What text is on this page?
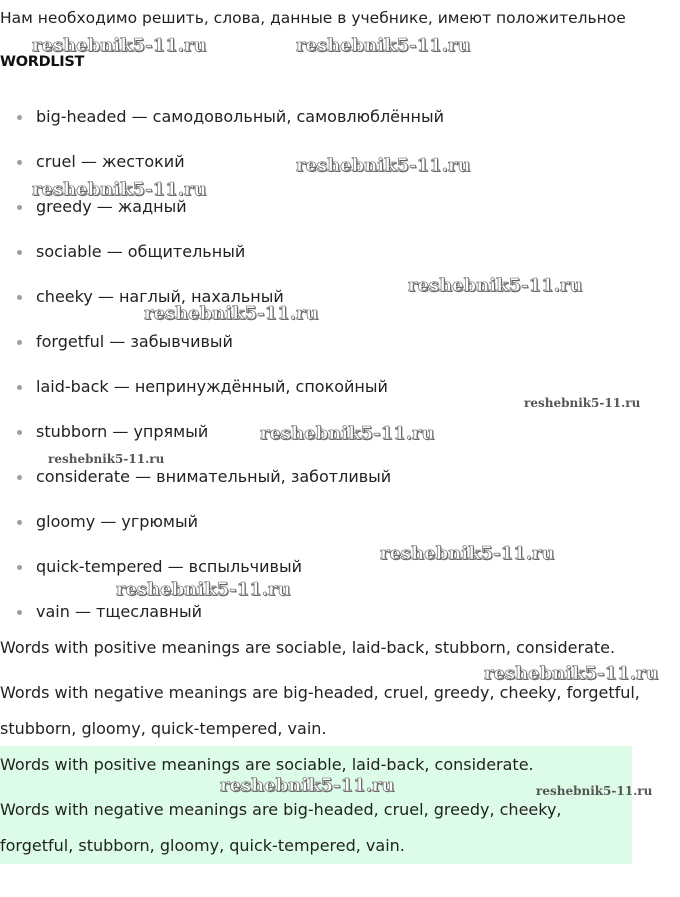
Нам необходимо решить, слова, данные в учебнике, имеют положительное
WORDLIST
big-headed — самодовольный, самовлюблённый
cruel — жестокий
greedy — жадный
sociable — общительный
cheeky — наглый, нахальный
forgetful — забывчивый
laid-back — непринуждённый, спокойный
stubborn — упрямый
considerate — внимательный, заботливый
gloomy — угрюмый
quick-tempered — вспыльчивый
vain — тщеславный
Words with positive meanings are sociable, laid-back, stubborn, considerate.
Words with negative meanings are big-headed, cruel, greedy, cheeky, forgetful,
stubborn, gloomy, quick-tempered, vain.
Words with positive meanings are sociable, laid-back, considerate.
Words with negative meanings are big-headed, cruel, greedy, cheeky,
forgetful, stubborn, gloomy, quick-tempered, vain.
reshebnik5-11.ru	reshebnik5-11.ru
reshebnik5-11.ru
reshebnik5-11.ru
reshebnik5-11.ru
reshebnik5-11.ru
reshebnik5-11.ru
reshebnik5-11.ru
reshebnik5-11.ru
reshebnik5-11.ru
reshebnik5-11.ru
reshebnik5-11.ru
reshebnik5-11.ru	reshebnik5-11.ru
